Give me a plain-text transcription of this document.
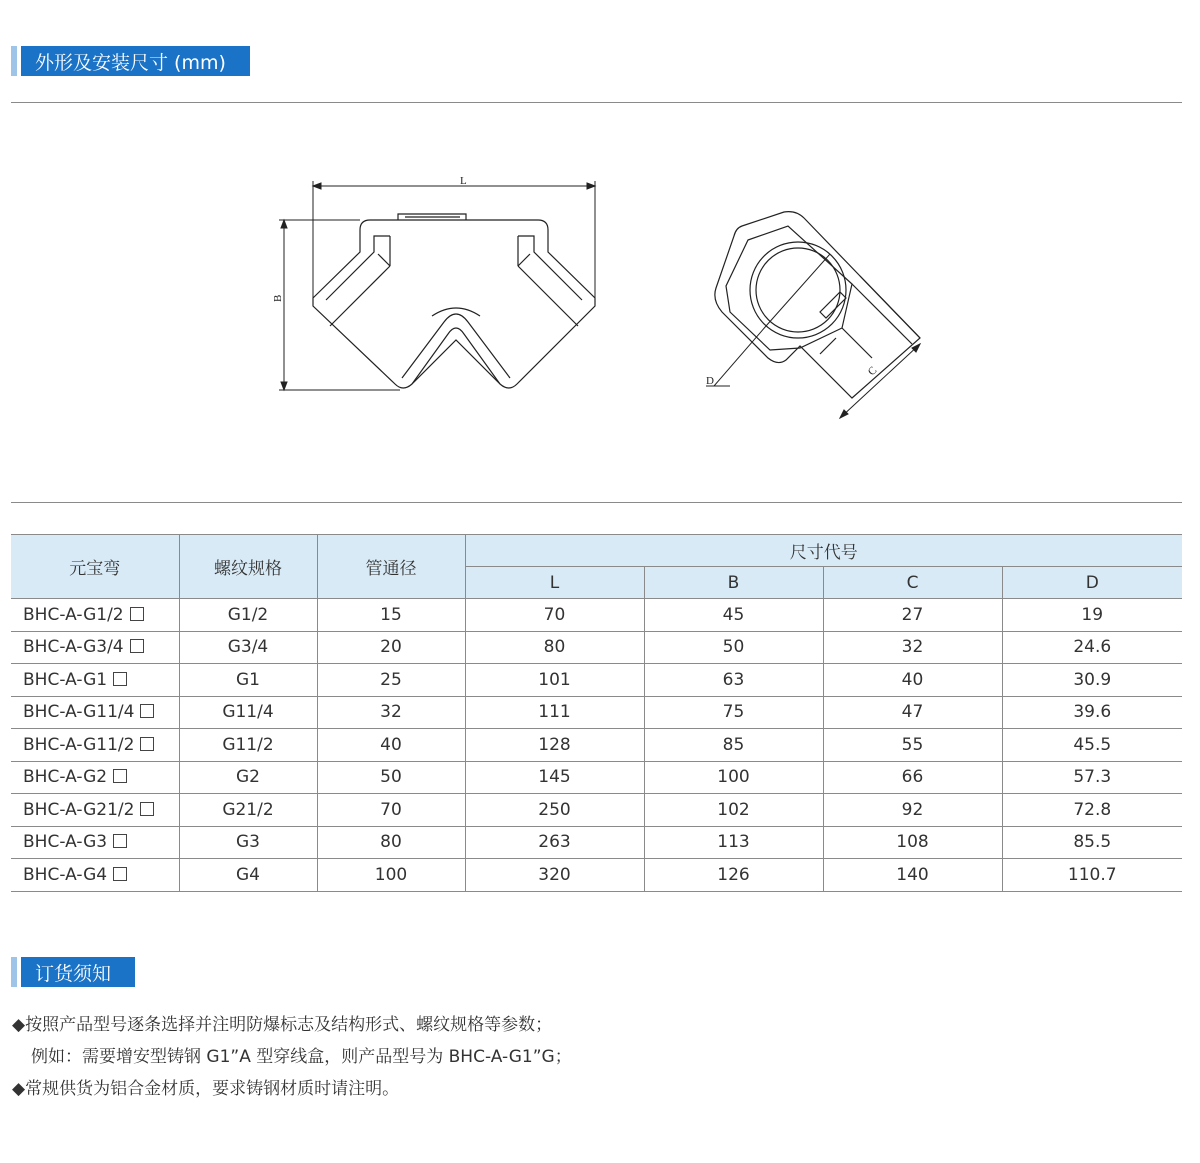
外形及安装尺寸 (mm)
L
B
C
D
元宝弯	螺纹规格	管通径	尺寸代号			
			L	B	C	D
BHC-A-G1/2	G1/2	15	70	45	27	19
BHC-A-G3/4	G3/4	20	80	50	32	24.6
BHC-A-G1	G1	25	101	63	40	30.9
BHC-A-G11/4	G11/4	32	111	75	47	39.6
BHC-A-G11/2	G11/2	40	128	85	55	45.5
BHC-A-G2	G2	50	145	100	66	57.3
BHC-A-G21/2	G21/2	70	250	102	92	72.8
BHC-A-G3	G3	80	263	113	108	85.5
BHC-A-G4	G4	100	320	126	140	110.7
订货须知
◆按照产品型号逐条选择并注明防爆标志及结构形式、螺纹规格等参数；
例如：需要增安型铸钢 G1”A 型穿线盒，则产品型号为 BHC-A-G1”G；
◆常规供货为铝合金材质，要求铸钢材质时请注明。
